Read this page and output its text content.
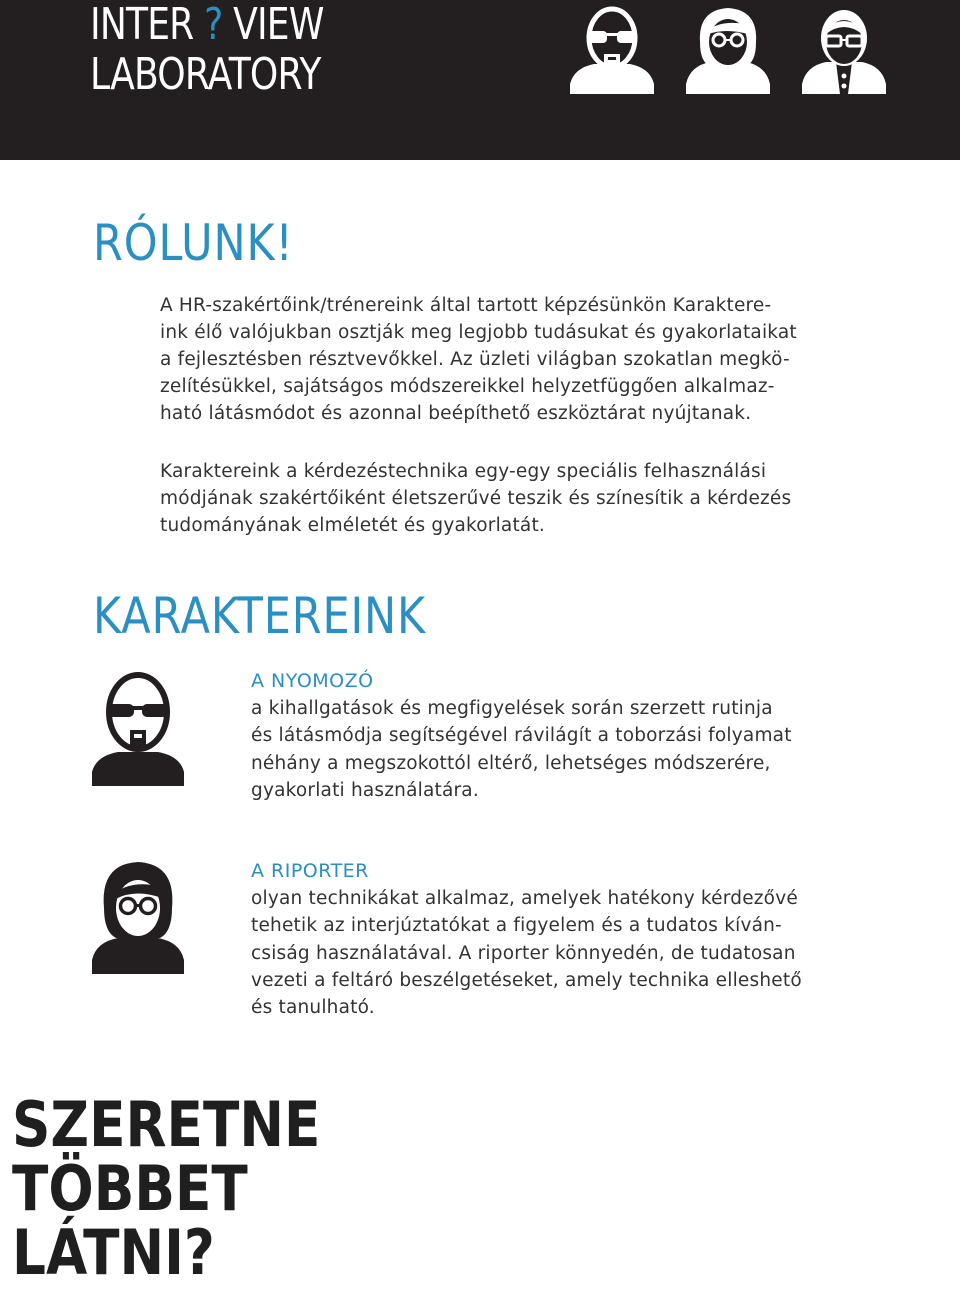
INTER ? VIEW
LABORATORY
RÓLUNK!

A HR-szakértőink/trénereink által tartott képzésünkön Karaktere-
ink élő valójukban osztják meg legjobb tudásukat és gyakorlataikat
a fejlesztésben résztvevőkkel. Az üzleti világban szokatlan megkö-
zelítésükkel, sajátságos módszereikkel helyzetfüggően alkalmaz-
ható látásmódot és azonnal beépíthető eszköztárat nyújtanak.

Karaktereink a kérdezéstechnika egy-egy speciális felhasználási
módjának szakértőiként életszerűvé teszik és színesítik a kérdezés
tudományának elméletét és gyakorlatát.

KARAKTEREINK
A NYOMOZÓ

a kihallgatások és megfigyelések során szerzett rutinja
és látásmódja segítségével rávilágít a toborzási folyamat
néhány a megszokottól eltérő, lehetséges módszerére,
gyakorlati használatára.

A RIPORTER

olyan technikákat alkalmaz, amelyek hatékony kérdezővé
tehetik az interjúztatókat a figyelem és a tudatos kíván-
csiság használatával. A riporter könnyedén, de tudatosan
vezeti a feltáró beszélgetéseket, amely technika elleshető
és tanulható.

SZERETNE
TÖBBET
LÁTNI?
